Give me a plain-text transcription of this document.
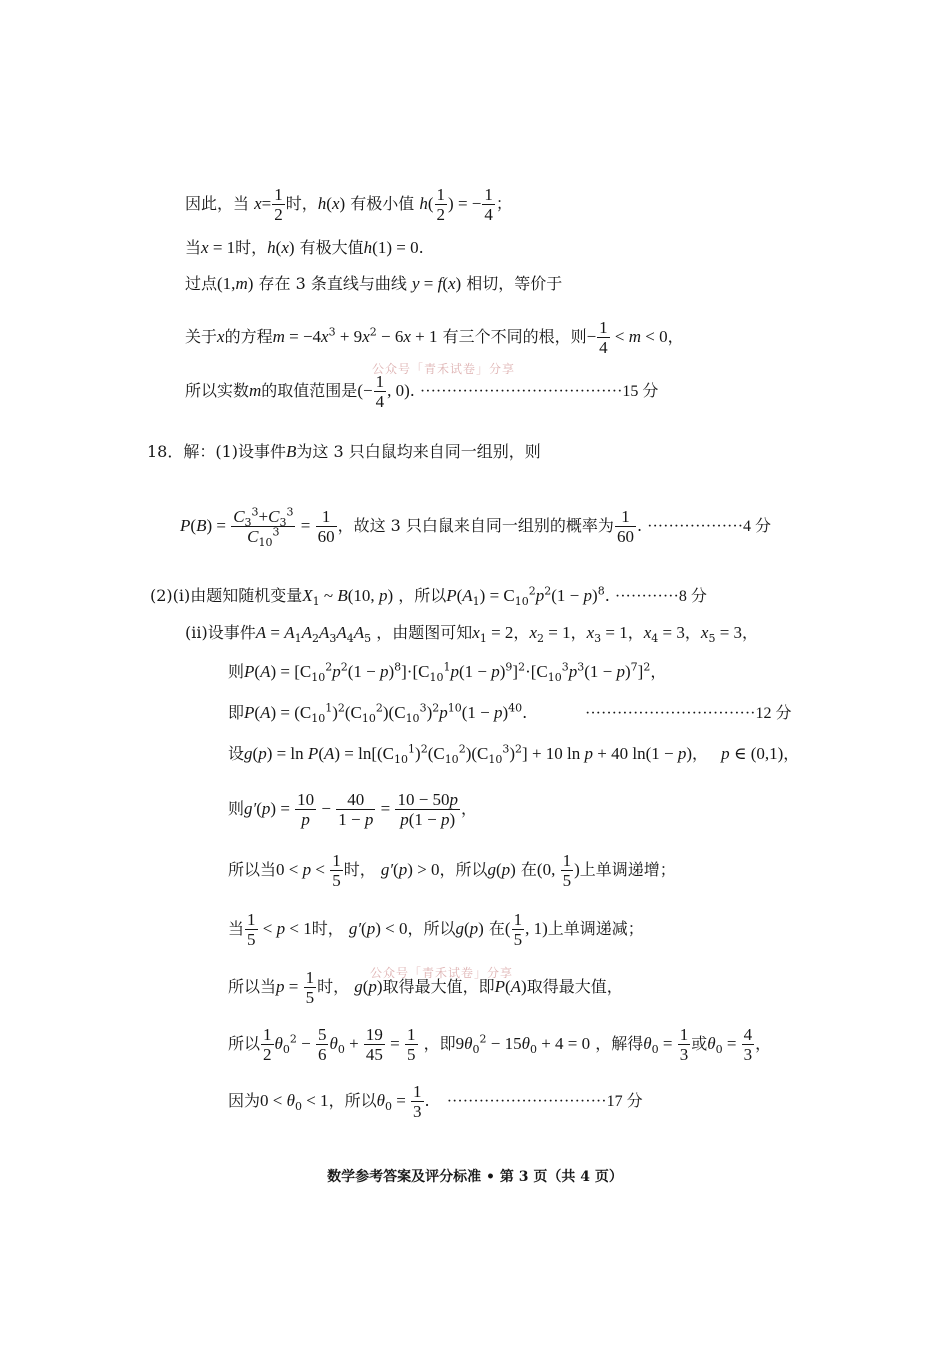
因此，当 $x= \frac{1}{2}$ 时，h(x) 有极小值 $h( \frac{1}{2}$ ) = − $\frac{1}{4}$ ；
当x = 1时，h(x) 有极大值h(1) = 0.
过点(1,m) 存在 3 条直线与曲线 y = f(x) 相切，等价于
关于x的方程$m = -4x^3 + 9x^2 - 6x + 1$ 有三个不同的根，则− $\frac{1}{4} < m < 0$，
公众号「青禾试卷」分享
所以实数m的取值范围是(− $\frac{1}{4}$ , 0). ······································15 分
18．解：(1)设事件B为这 3 只白鼠均来自同一组别，则
$P(B) = \frac{C_3^3+C_3^3}{C_{10}^3} = \frac{1}{60}$ ，故这 3 只白鼠来自同一组别的概率为 $\frac{1}{60}$ . ··················4 分
(2)(ⅰ)由题知随机变量$X_1$ ~ B(10, p) ，所以$P(A_1) = C_{10}^2p^2(1 - p)^8$. ············8 分
(ⅱ)设事件$A = A_1A_2A_3A_4A_5$ ，由题图可知$x_1 = 2$，$x_2 = 1$，$x_3 = 1$，$x_4 = 3$，$x_5 = 3$，
则$P(A) = [C_{10}^2p^2(1 - p)^8]\cdot[C_{10}^1p(1 - p)^9]^2\cdot[C_{10}^3p^3(1 - p)^7]^2$，
即$P(A) = (C_{10}^1)^2(C_{10}^2)(C_{10}^3)^2p^{10}(1 - p)^{40}$.	································12 分
设$g(p) = \ln P(A) = \ln[(C_{10}^1)^2(C_{10}^2)(C_{10}^3)^2] + 10$ ln p + 40 ln(1 − p)， p ∈ (0,1)，
则$g'(p) = \frac{10}{p} - \frac{40}{1 - p} = \frac{10 - 50p}{p(1 - p)}$ ，
所以当$0 < p < \frac{1}{5}$ 时， g′(p) > 0，所以g(p) 在(0, $\frac{1}{5}$ )上单调递增；
当 $\frac{1}{5} < p < 1$时， g′(p) < 0，所以g(p) 在( $\frac{1}{5}$ , 1)上单调递减；
公众号「青禾试卷」分享
所以当$p = \frac{1}{5}$ 时， g(p)取得最大值，即P(A)取得最大值，
所以 $\frac{1}{2} \theta_0^2 - \frac{5}{6} \theta_0 + \frac{19}{45} = \frac{1}{5}$ ，即$9\theta_0^2 - 15\theta_0 + 4 = 0$ ，解得$\theta_0 = \frac{1}{3}$ 或$\theta_0 = \frac{4}{3}$ ，
因为$0 < \theta_0 < 1$，所以$\theta_0 = \frac{1}{3}$ . ······························17 分
数学参考答案及评分标准 • 第 3 页（共 4 页）
